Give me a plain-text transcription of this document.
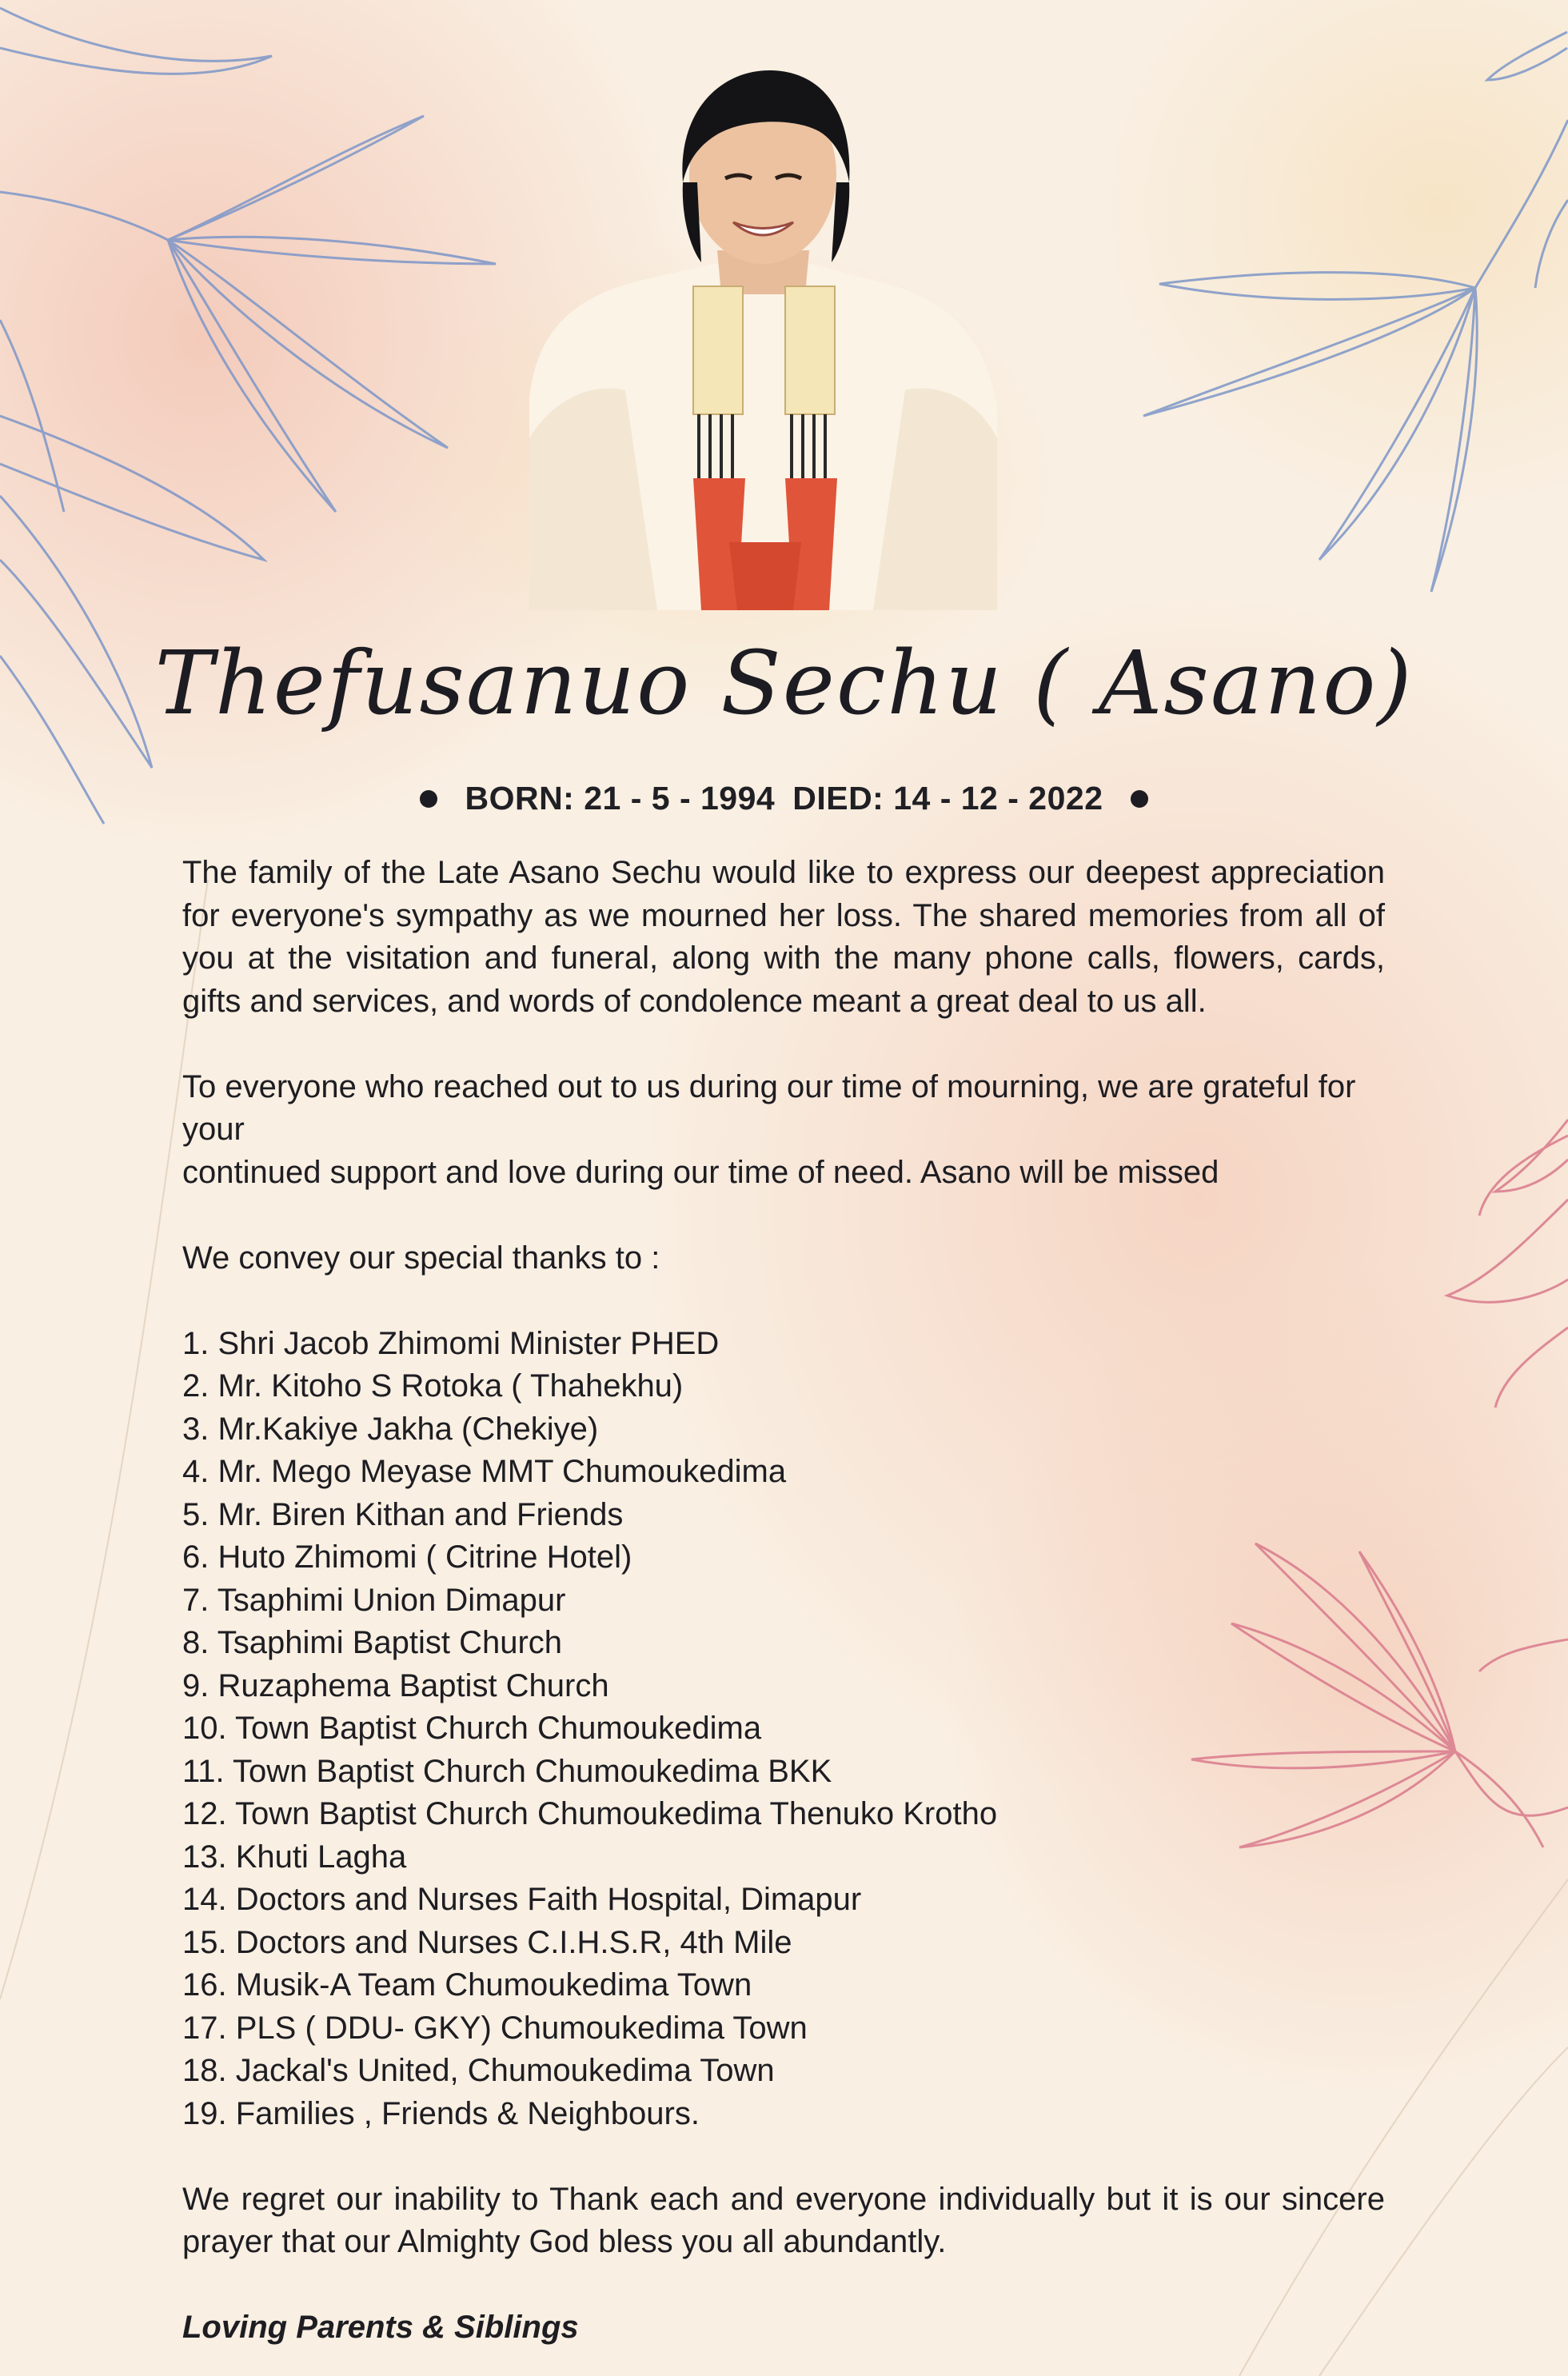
Thefusanuo Sechu ( Asano)
BORN: 21 - 5 - 1994 DIED: 14 - 12 - 2022

The family of the Late Asano Sechu would like to express our deepest appreciation for everyone's sympathy as we mourned her loss. The shared memories from all of you at the visitation and funeral, along with the many phone calls, flowers, cards, gifts and services, and words of condolence meant a great deal to us all.

To everyone who reached out to us during our time of mourning, we are grateful for your
continued support and love during our time of need. Asano will be missed

We convey our special thanks to :

1. Shri Jacob Zhimomi Minister PHED
2. Mr. Kitoho S Rotoka ( Thahekhu)
3. Mr.Kakiye Jakha (Chekiye)
4. Mr. Mego Meyase MMT Chumoukedima
5. Mr. Biren Kithan and Friends
6. Huto Zhimomi ( Citrine Hotel)
7. Tsaphimi Union Dimapur
8. Tsaphimi Baptist Church
9. Ruzaphema Baptist Church
10. Town Baptist Church Chumoukedima
11. Town Baptist Church Chumoukedima BKK
12. Town Baptist Church Chumoukedima Thenuko Krotho
13. Khuti Lagha
14. Doctors and Nurses Faith Hospital, Dimapur
15. Doctors and Nurses C.I.H.S.R, 4th Mile
16. Musik-A Team Chumoukedima Town
17. PLS ( DDU- GKY) Chumoukedima Town
18. Jackal's United, Chumoukedima Town
19. Families , Friends & Neighbours.

We regret our inability to Thank each and everyone individually but it is our sincere prayer that our Almighty God bless you all abundantly.

Loving Parents & Siblings
